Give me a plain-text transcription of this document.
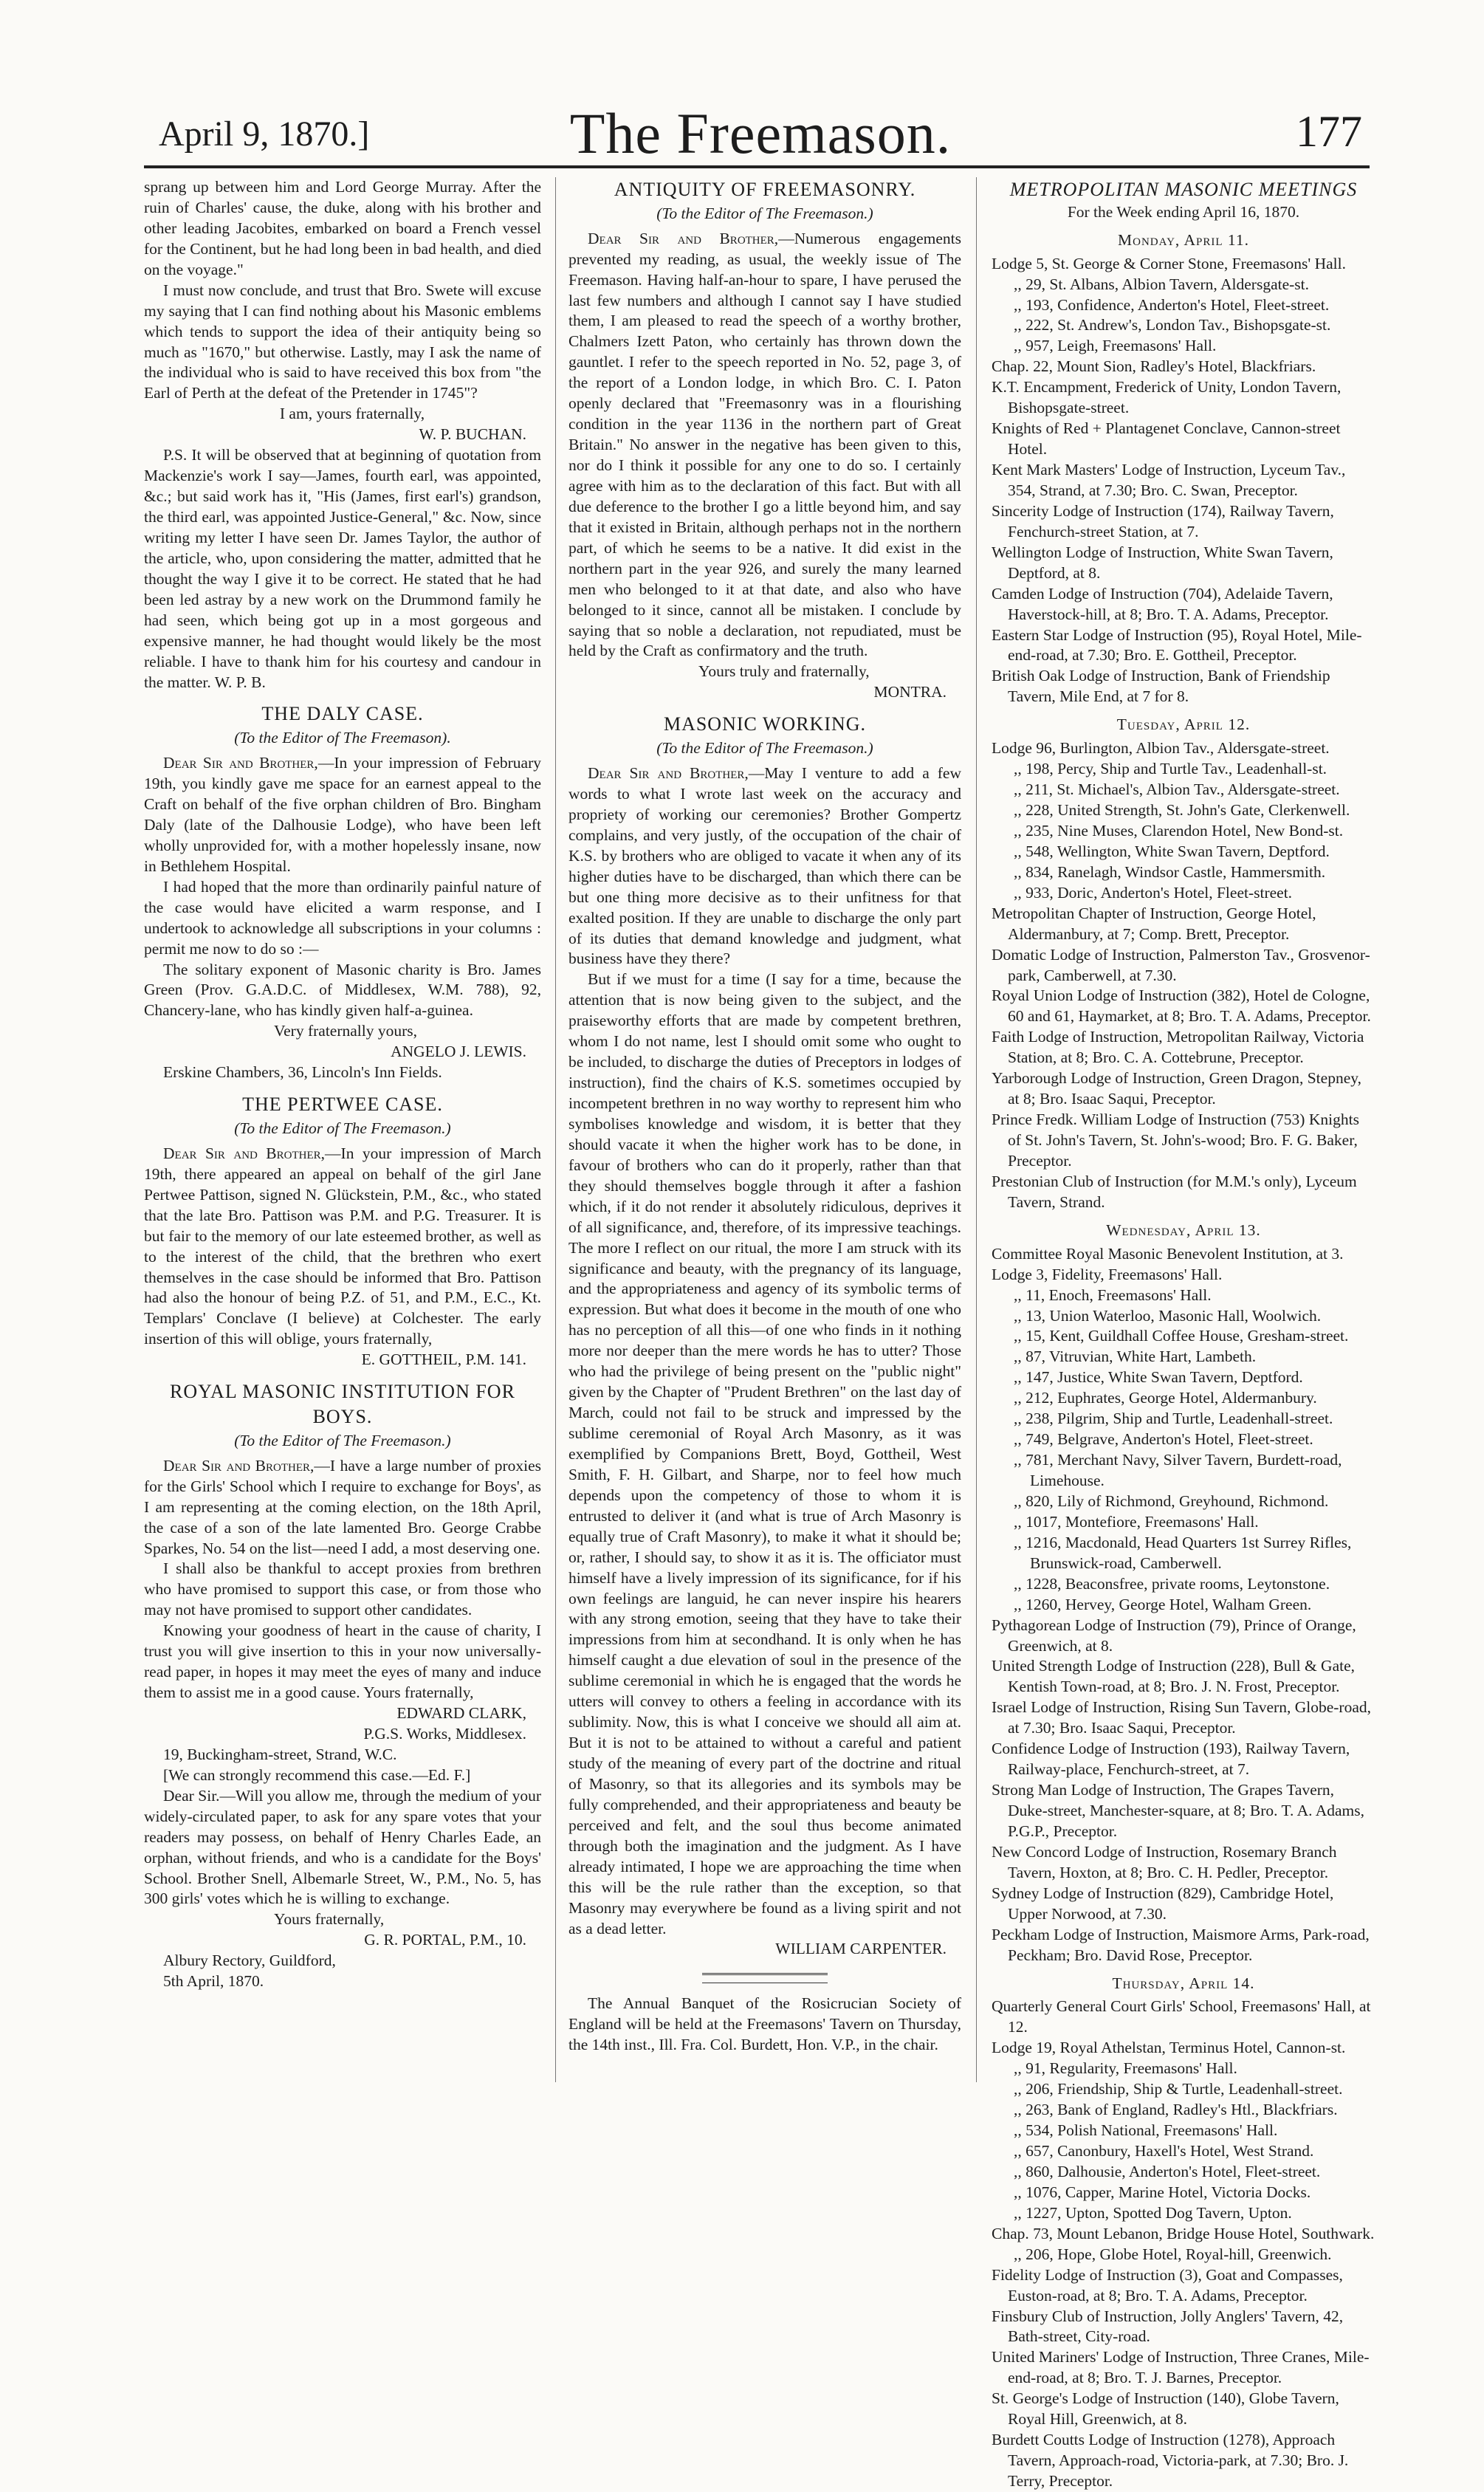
April 9, 1870.]	The Freemason.	177

sprang up between him and Lord George Murray. After the ruin of Charles' cause, the duke, along with his brother and other leading Jacobites, embarked on board a French vessel for the Continent, but he had long been in bad health, and died on the voyage."

I must now conclude, and trust that Bro. Swete will excuse my saying that I can find nothing about his Masonic emblems which tends to support the idea of their antiquity being so much as "1670," but otherwise. Lastly, may I ask the name of the individual who is said to have received this box from "the Earl of Perth at the defeat of the Pretender in 1745"?

I am, yours fraternally,

W. P. BUCHAN.

P.S. It will be observed that at beginning of quotation from Mackenzie's work I say—James, fourth earl, was appointed, &c.; but said work has it, "His (James, first earl's) grandson, the third earl, was appointed Justice-General," &c. Now, since writing my letter I have seen Dr. James Taylor, the author of the article, who, upon considering the matter, admitted that he thought the way I give it to be correct. He stated that he had been led astray by a new work on the Drummond family he had seen, which being got up in a most gorgeous and expensive manner, he had thought would likely be the most reliable. I have to thank him for his courtesy and candour in the matter. W. P. B.

THE DALY CASE.
(To the Editor of The Freemason).

Dear Sir and Brother,—In your impression of February 19th, you kindly gave me space for an earnest appeal to the Craft on behalf of the five orphan children of Bro. Bingham Daly (late of the Dalhousie Lodge), who have been left wholly unprovided for, with a mother hopelessly insane, now in Bethlehem Hospital.

I had hoped that the more than ordinarily painful nature of the case would have elicited a warm response, and I undertook to acknowledge all subscriptions in your columns : permit me now to do so :—

The solitary exponent of Masonic charity is Bro. James Green (Prov. G.A.D.C. of Middlesex, W.M. 788), 92, Chancery-lane, who has kindly given half-a-guinea.

Very fraternally yours,

ANGELO J. LEWIS.

Erskine Chambers, 36, Lincoln's Inn Fields.

THE PERTWEE CASE.
(To the Editor of The Freemason.)

Dear Sir and Brother,—In your impression of March 19th, there appeared an appeal on behalf of the girl Jane Pertwee Pattison, signed N. Glückstein, P.M., &c., who stated that the late Bro. Pattison was P.M. and P.G. Treasurer. It is but fair to the memory of our late esteemed brother, as well as to the interest of the child, that the brethren who exert themselves in the case should be informed that Bro. Pattison had also the honour of being P.Z. of 51, and P.M., E.C., Kt. Templars' Conclave (I believe) at Colchester. The early insertion of this will oblige, yours fraternally,

E. GOTTHEIL, P.M. 141.

ROYAL MASONIC INSTITUTION FOR BOYS.
(To the Editor of The Freemason.)

Dear Sir and Brother,—I have a large number of proxies for the Girls' School which I require to exchange for Boys', as I am representing at the coming election, on the 18th April, the case of a son of the late lamented Bro. George Crabbe Sparkes, No. 54 on the list—need I add, a most deserving one.

I shall also be thankful to accept proxies from brethren who have promised to support this case, or from those who may not have promised to support other candidates.

Knowing your goodness of heart in the cause of charity, I trust you will give insertion to this in your now universally-read paper, in hopes it may meet the eyes of many and induce them to assist me in a good cause. Yours fraternally,

EDWARD CLARK,

P.G.S. Works, Middlesex.

19, Buckingham-street, Strand, W.C.

[We can strongly recommend this case.—Ed. F.]

Dear Sir.—Will you allow me, through the medium of your widely-circulated paper, to ask for any spare votes that your readers may possess, on behalf of Henry Charles Eade, an orphan, without friends, and who is a candidate for the Boys' School. Brother Snell, Albemarle Street, W., P.M., No. 5, has 300 girls' votes which he is willing to exchange.

Yours fraternally,

G. R. PORTAL, P.M., 10.

Albury Rectory, Guildford,

5th April, 1870.

ANTIQUITY OF FREEMASONRY.
(To the Editor of The Freemason.)

Dear Sir and Brother,—Numerous engagements prevented my reading, as usual, the weekly issue of The Freemason. Having half-an-hour to spare, I have perused the last few numbers and although I cannot say I have studied them, I am pleased to read the speech of a worthy brother, Chalmers Izett Paton, who certainly has thrown down the gauntlet. I refer to the speech reported in No. 52, page 3, of the report of a London lodge, in which Bro. C. I. Paton openly declared that "Freemasonry was in a flourishing condition in the year 1136 in the northern part of Great Britain." No answer in the negative has been given to this, nor do I think it possible for any one to do so. I certainly agree with him as to the declaration of this fact. But with all due deference to the brother I go a little beyond him, and say that it existed in Britain, although perhaps not in the northern part, of which he seems to be a native. It did exist in the northern part in the year 926, and surely the many learned men who belonged to it at that date, and also who have belonged to it since, cannot all be mistaken. I conclude by saying that so noble a declaration, not repudiated, must be held by the Craft as confirmatory and the truth.

Yours truly and fraternally,

MONTRA.

MASONIC WORKING.
(To the Editor of The Freemason.)

Dear Sir and Brother,—May I venture to add a few words to what I wrote last week on the accuracy and propriety of working our ceremonies? Brother Gompertz complains, and very justly, of the occupation of the chair of K.S. by brothers who are obliged to vacate it when any of its higher duties have to be discharged, than which there can be but one thing more decisive as to their unfitness for that exalted position. If they are unable to discharge the only part of its duties that demand knowledge and judgment, what business have they there?

But if we must for a time (I say for a time, because the attention that is now being given to the subject, and the praiseworthy efforts that are made by competent brethren, whom I do not name, lest I should omit some who ought to be included, to discharge the duties of Preceptors in lodges of instruction), find the chairs of K.S. sometimes occupied by incompetent brethren in no way worthy to represent him who symbolises knowledge and wisdom, it is better that they should vacate it when the higher work has to be done, in favour of brothers who can do it properly, rather than that they should themselves boggle through it after a fashion which, if it do not render it absolutely ridiculous, deprives it of all significance, and, therefore, of its impressive teachings. The more I reflect on our ritual, the more I am struck with its significance and beauty, with the pregnancy of its language, and the appropriateness and agency of its symbolic terms of expression. But what does it become in the mouth of one who has no perception of all this—of one who finds in it nothing more nor deeper than the mere words he has to utter? Those who had the privilege of being present on the "public night" given by the Chapter of "Prudent Brethren" on the last day of March, could not fail to be struck and impressed by the sublime ceremonial of Royal Arch Masonry, as it was exemplified by Companions Brett, Boyd, Gottheil, West Smith, F. H. Gilbart, and Sharpe, nor to feel how much depends upon the competency of those to whom it is entrusted to deliver it (and what is true of Arch Masonry is equally true of Craft Masonry), to make it what it should be; or, rather, I should say, to show it as it is. The officiator must himself have a lively impression of its significance, for if his own feelings are languid, he can never inspire his hearers with any strong emotion, seeing that they have to take their impressions from him at secondhand. It is only when he has himself caught a due elevation of soul in the presence of the sublime ceremonial in which he is engaged that the words he utters will convey to others a feeling in accordance with its sublimity. Now, this is what I conceive we should all aim at. But it is not to be attained to without a careful and patient study of the meaning of every part of the doctrine and ritual of Masonry, so that its allegories and its symbols may be fully comprehended, and their appropriateness and beauty be perceived and felt, and the soul thus become animated through both the imagination and the judgment. As I have already intimated, I hope we are approaching the time when this will be the rule rather than the exception, so that Masonry may everywhere be found as a living spirit and not as a dead letter.

WILLIAM CARPENTER.

The Annual Banquet of the Rosicrucian Society of England will be held at the Freemasons' Tavern on Thursday, the 14th inst., Ill. Fra. Col. Burdett, Hon. V.P., in the chair.

METROPOLITAN MASONIC MEETINGS
For the Week ending April 16, 1870.
Monday, April 11.
Lodge 5, St. George & Corner Stone, Freemasons' Hall.
,, 29, St. Albans, Albion Tavern, Aldersgate-st.
,, 193, Confidence, Anderton's Hotel, Fleet-street.
,, 222, St. Andrew's, London Tav., Bishopsgate-st.
,, 957, Leigh, Freemasons' Hall.
Chap. 22, Mount Sion, Radley's Hotel, Blackfriars.
K.T. Encampment, Frederick of Unity, London Tavern, Bishopsgate-street.
Knights of Red + Plantagenet Conclave, Cannon-street Hotel.
Kent Mark Masters' Lodge of Instruction, Lyceum Tav., 354, Strand, at 7.30; Bro. C. Swan, Preceptor.
Sincerity Lodge of Instruction (174), Railway Tavern, Fenchurch-street Station, at 7.
Wellington Lodge of Instruction, White Swan Tavern, Deptford, at 8.
Camden Lodge of Instruction (704), Adelaide Tavern, Haverstock-hill, at 8; Bro. T. A. Adams, Preceptor.
Eastern Star Lodge of Instruction (95), Royal Hotel, Mile-end-road, at 7.30; Bro. E. Gottheil, Preceptor.
British Oak Lodge of Instruction, Bank of Friendship Tavern, Mile End, at 7 for 8.
Tuesday, April 12.
Lodge 96, Burlington, Albion Tav., Aldersgate-street.
,, 198, Percy, Ship and Turtle Tav., Leadenhall-st.
,, 211, St. Michael's, Albion Tav., Aldersgate-street.
,, 228, United Strength, St. John's Gate, Clerkenwell.
,, 235, Nine Muses, Clarendon Hotel, New Bond-st.
,, 548, Wellington, White Swan Tavern, Deptford.
,, 834, Ranelagh, Windsor Castle, Hammersmith.
,, 933, Doric, Anderton's Hotel, Fleet-street.
Metropolitan Chapter of Instruction, George Hotel, Aldermanbury, at 7; Comp. Brett, Preceptor.
Domatic Lodge of Instruction, Palmerston Tav., Grosvenor-park, Camberwell, at 7.30.
Royal Union Lodge of Instruction (382), Hotel de Cologne, 60 and 61, Haymarket, at 8; Bro. T. A. Adams, Preceptor.
Faith Lodge of Instruction, Metropolitan Railway, Victoria Station, at 8; Bro. C. A. Cottebrune, Preceptor.
Yarborough Lodge of Instruction, Green Dragon, Stepney, at 8; Bro. Isaac Saqui, Preceptor.
Prince Fredk. William Lodge of Instruction (753) Knights of St. John's Tavern, St. John's-wood; Bro. F. G. Baker, Preceptor.
Prestonian Club of Instruction (for M.M.'s only), Lyceum Tavern, Strand.
Wednesday, April 13.
Committee Royal Masonic Benevolent Institution, at 3.
Lodge 3, Fidelity, Freemasons' Hall.
,, 11, Enoch, Freemasons' Hall.
,, 13, Union Waterloo, Masonic Hall, Woolwich.
,, 15, Kent, Guildhall Coffee House, Gresham-street.
,, 87, Vitruvian, White Hart, Lambeth.
,, 147, Justice, White Swan Tavern, Deptford.
,, 212, Euphrates, George Hotel, Aldermanbury.
,, 238, Pilgrim, Ship and Turtle, Leadenhall-street.
,, 749, Belgrave, Anderton's Hotel, Fleet-street.
,, 781, Merchant Navy, Silver Tavern, Burdett-road, Limehouse.
,, 820, Lily of Richmond, Greyhound, Richmond.
,, 1017, Montefiore, Freemasons' Hall.
,, 1216, Macdonald, Head Quarters 1st Surrey Rifles, Brunswick-road, Camberwell.
,, 1228, Beaconsfree, private rooms, Leytonstone.
,, 1260, Hervey, George Hotel, Walham Green.
Pythagorean Lodge of Instruction (79), Prince of Orange, Greenwich, at 8.
United Strength Lodge of Instruction (228), Bull & Gate, Kentish Town-road, at 8; Bro. J. N. Frost, Preceptor.
Israel Lodge of Instruction, Rising Sun Tavern, Globe-road, at 7.30; Bro. Isaac Saqui, Preceptor.
Confidence Lodge of Instruction (193), Railway Tavern, Railway-place, Fenchurch-street, at 7.
Strong Man Lodge of Instruction, The Grapes Tavern, Duke-street, Manchester-square, at 8; Bro. T. A. Adams, P.G.P., Preceptor.
New Concord Lodge of Instruction, Rosemary Branch Tavern, Hoxton, at 8; Bro. C. H. Pedler, Preceptor.
Sydney Lodge of Instruction (829), Cambridge Hotel, Upper Norwood, at 7.30.
Peckham Lodge of Instruction, Maismore Arms, Park-road, Peckham; Bro. David Rose, Preceptor.
Thursday, April 14.
Quarterly General Court Girls' School, Freemasons' Hall, at 12.
Lodge 19, Royal Athelstan, Terminus Hotel, Cannon-st.
,, 91, Regularity, Freemasons' Hall.
,, 206, Friendship, Ship & Turtle, Leadenhall-street.
,, 263, Bank of England, Radley's Htl., Blackfriars.
,, 534, Polish National, Freemasons' Hall.
,, 657, Canonbury, Haxell's Hotel, West Strand.
,, 860, Dalhousie, Anderton's Hotel, Fleet-street.
,, 1076, Capper, Marine Hotel, Victoria Docks.
,, 1227, Upton, Spotted Dog Tavern, Upton.
Chap. 73, Mount Lebanon, Bridge House Hotel, Southwark.
,, 206, Hope, Globe Hotel, Royal-hill, Greenwich.
Fidelity Lodge of Instruction (3), Goat and Compasses, Euston-road, at 8; Bro. T. A. Adams, Preceptor.
Finsbury Club of Instruction, Jolly Anglers' Tavern, 42, Bath-street, City-road.
United Mariners' Lodge of Instruction, Three Cranes, Mile-end-road, at 8; Bro. T. J. Barnes, Preceptor.
St. George's Lodge of Instruction (140), Globe Tavern, Royal Hill, Greenwich, at 8.
Burdett Coutts Lodge of Instruction (1278), Approach Tavern, Approach-road, Victoria-park, at 7.30; Bro. J. Terry, Preceptor.
